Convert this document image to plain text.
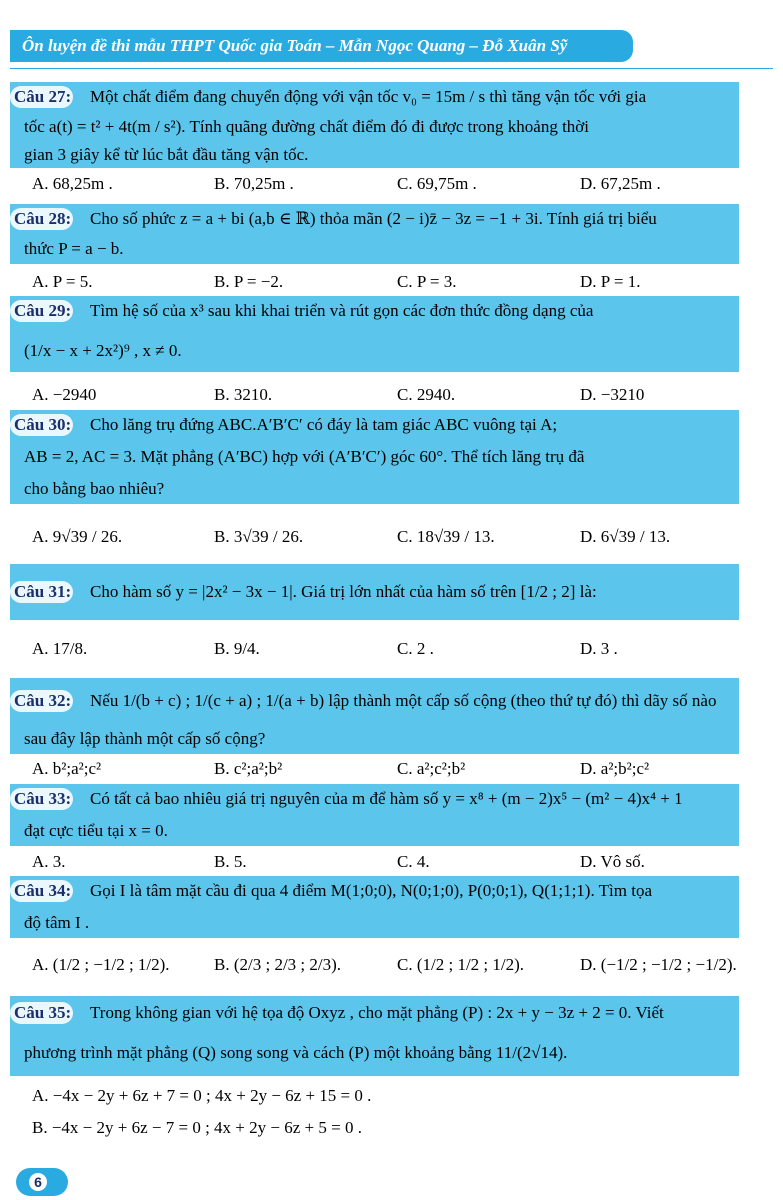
Ôn luyện đề thi mẫu THPT Quốc gia Toán – Mẫn Ngọc Quang – Đỗ Xuân Sỹ
Câu 27: Một chất điểm đang chuyển động với vận tốc v₀ = 15m / s thì tăng vận tốc với gia
tốc a(t) = t² + 4t(m / s²). Tính quãng đường chất điểm đó đi được trong khoảng thời
gian 3 giây kể từ lúc bắt đầu tăng vận tốc.
A. 68,25m .	B. 70,25m .	C. 69,75m .	D. 67,25m .
Câu 28: Cho số phức z = a + bi (a,b ∈ ℝ) thỏa mãn (2 − i)z̄ − 3z = −1 + 3i. Tính giá trị biểu
thức P = a − b.
A. P = 5.	B. P = −2.	C. P = 3.	D. P = 1.
Câu 29: Tìm hệ số của x³ sau khi khai triển và rút gọn các đơn thức đồng dạng của
(1/x − x + 2x²)⁹ , x ≠ 0.
A. −2940	B. 3210.	C. 2940.	D. −3210
Câu 30: Cho lăng trụ đứng ABC.A′B′C′ có đáy là tam giác ABC vuông tại A;
AB = 2, AC = 3. Mặt phẳng (A′BC) hợp với (A′B′C′) góc 60°. Thể tích lăng trụ đã
cho bằng bao nhiêu?
A. 9√39 / 26.	B. 3√39 / 26.	C. 18√39 / 13.	D. 6√39 / 13.
Câu 31: Cho hàm số y = |2x² − 3x − 1|. Giá trị lớn nhất của hàm số trên [1/2 ; 2] là:
A. 17/8.	B. 9/4.	C. 2 .	D. 3 .
Câu 32: Nếu 1/(b + c) ; 1/(c + a) ; 1/(a + b) lập thành một cấp số cộng (theo thứ tự đó) thì dãy số nào
sau đây lập thành một cấp số cộng?
A. b²;a²;c²	B. c²;a²;b²	C. a²;c²;b²	D. a²;b²;c²
Câu 33: Có tất cả bao nhiêu giá trị nguyên của m để hàm số y = x⁸ + (m − 2)x⁵ − (m² − 4)x⁴ + 1
đạt cực tiểu tại x = 0.
A. 3.	B. 5.	C. 4.	D. Vô số.
Câu 34: Gọi I là tâm mặt cầu đi qua 4 điểm M(1;0;0), N(0;1;0), P(0;0;1), Q(1;1;1). Tìm tọa
độ tâm I .
A. (1/2 ; −1/2 ; 1/2).	B. (2/3 ; 2/3 ; 2/3).	C. (1/2 ; 1/2 ; 1/2).	D. (−1/2 ; −1/2 ; −1/2).
Câu 35: Trong không gian với hệ tọa độ Oxyz , cho mặt phẳng (P) : 2x + y − 3z + 2 = 0. Viết
phương trình mặt phẳng (Q) song song và cách (P) một khoảng bằng 11/(2√14).
A. −4x − 2y + 6z + 7 = 0 ; 4x + 2y − 6z + 15 = 0 .
B. −4x − 2y + 6z − 7 = 0 ; 4x + 2y − 6z + 5 = 0 .
6
